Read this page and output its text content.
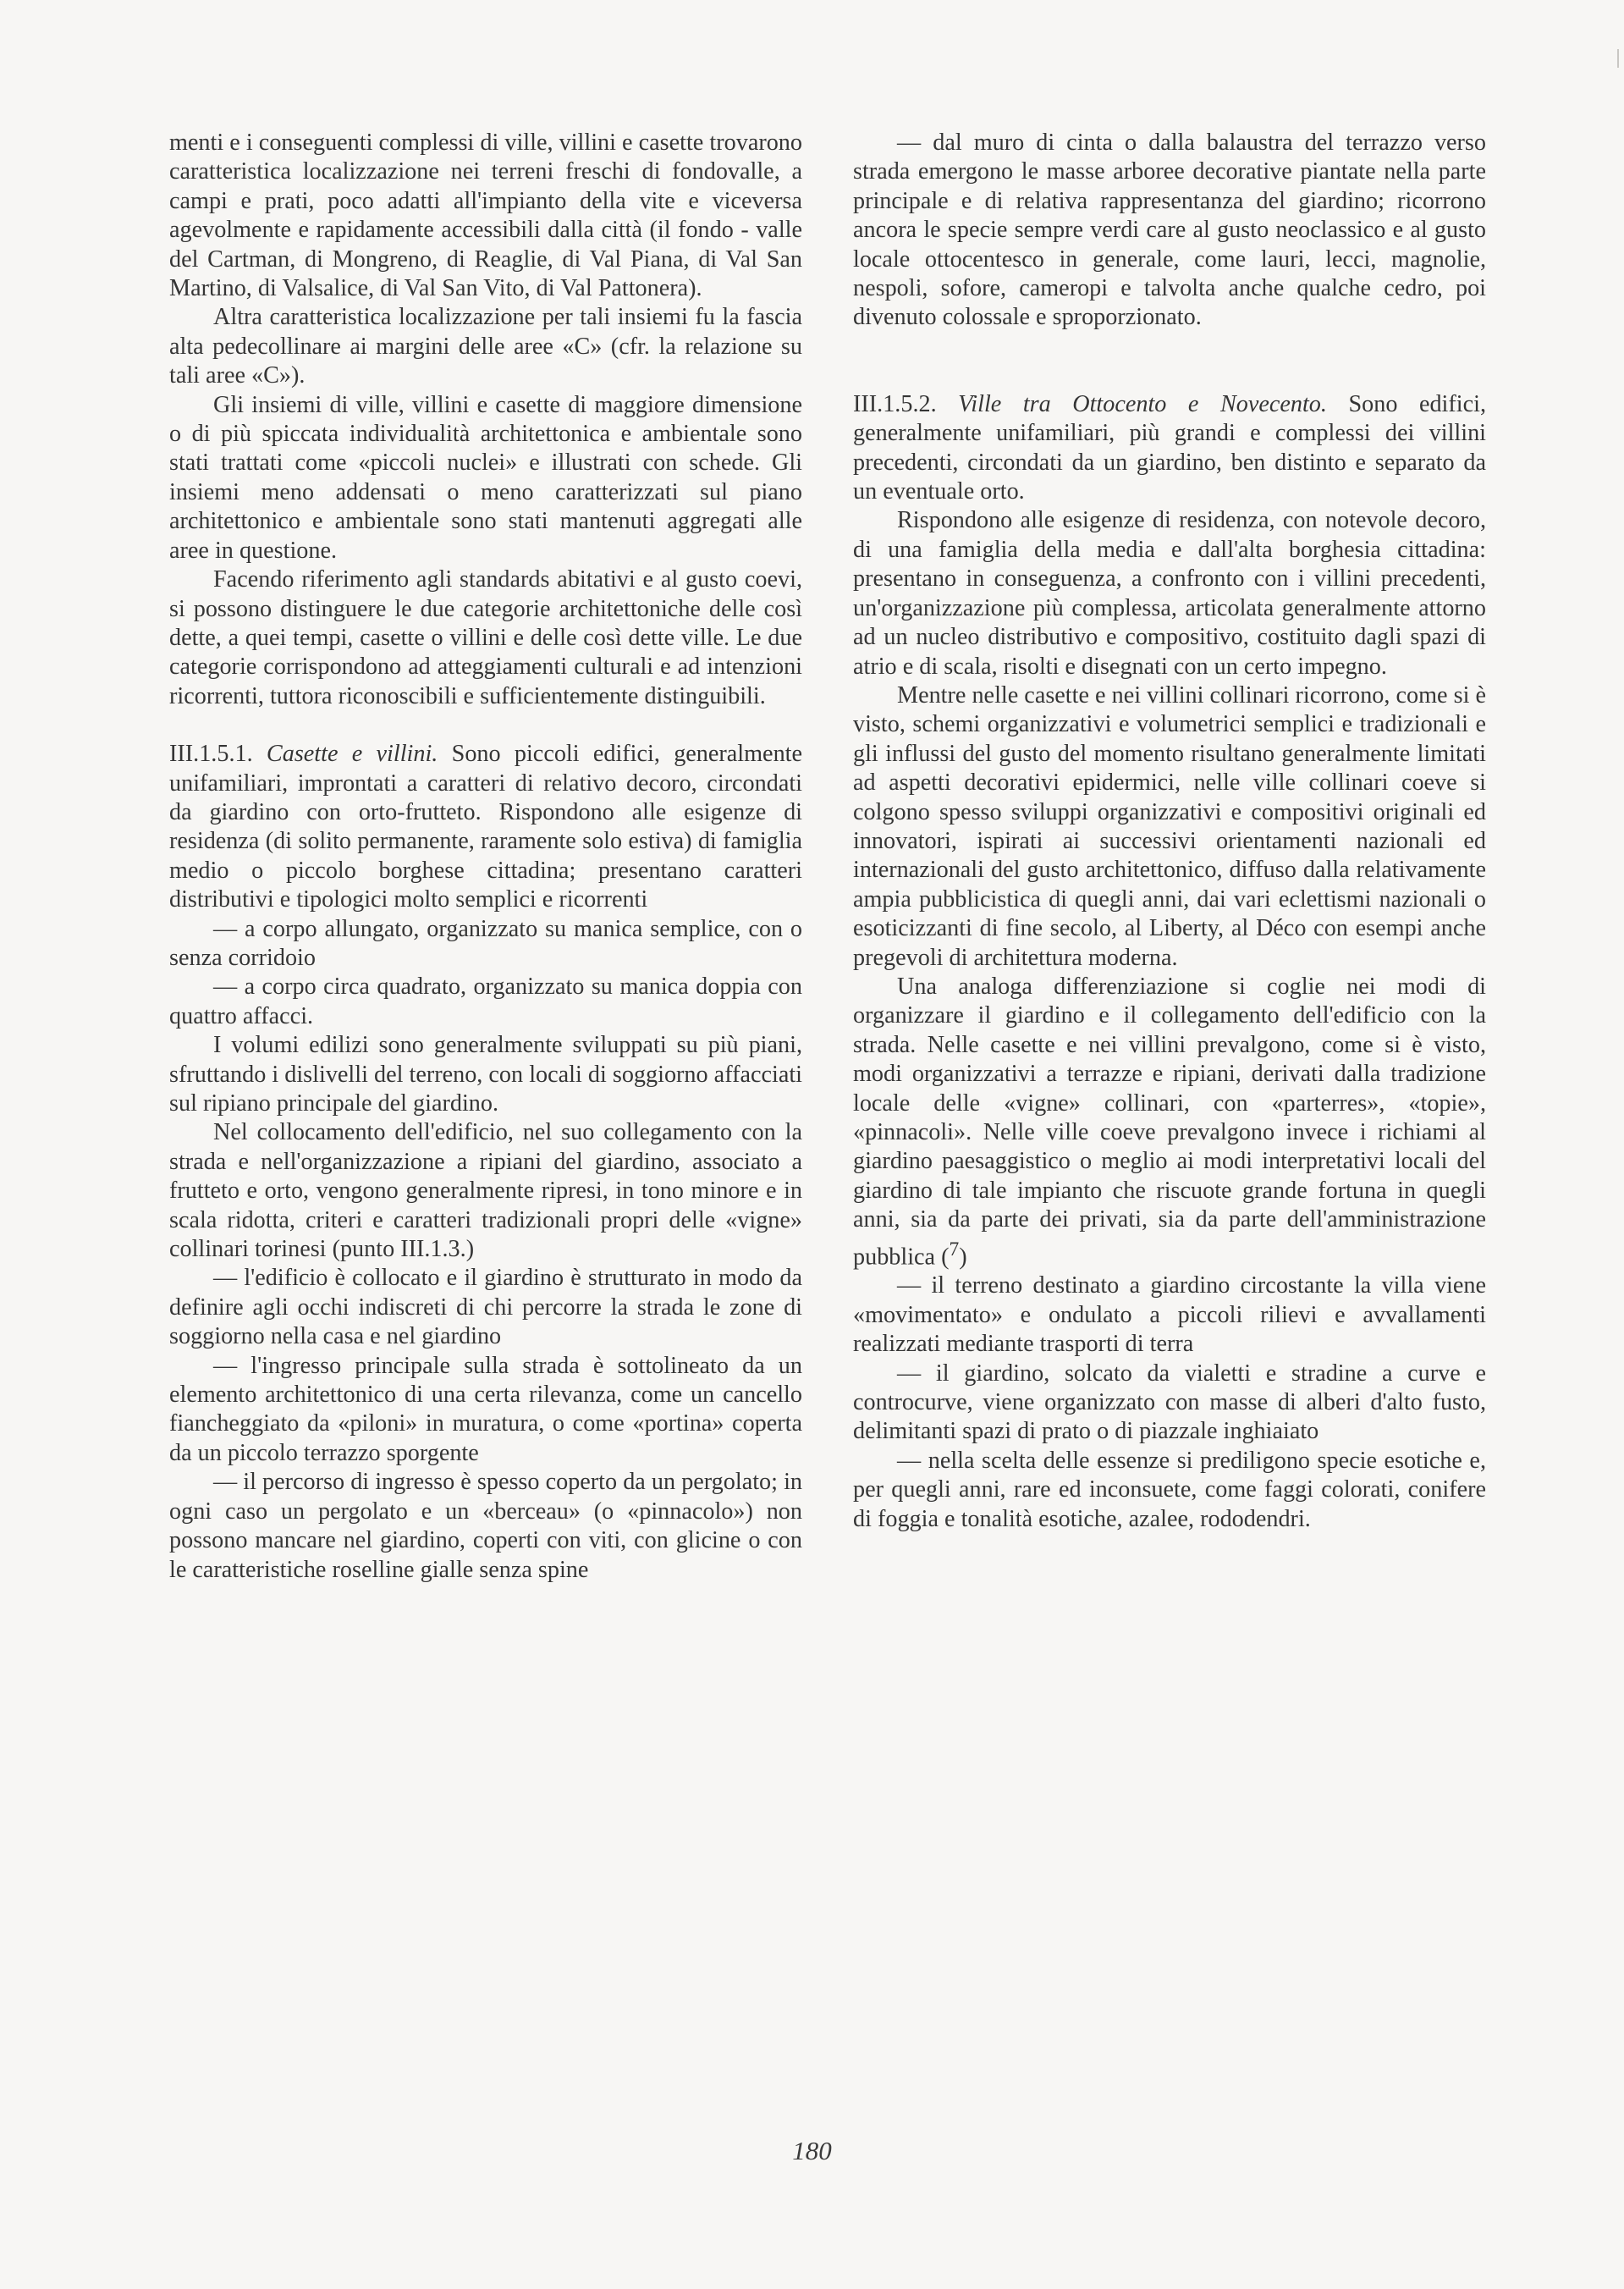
menti e i conseguenti complessi di ville, villini e casette trovarono caratteristica localizzazione nei terreni freschi di fondovalle, a campi e prati, poco adatti all'impianto della vite e viceversa agevolmente e rapidamente accessibili dalla città (il fondo - valle del Cartman, di Mongreno, di Reaglie, di Val Piana, di Val San Martino, di Valsalice, di Val San Vito, di Val Pattonera).

Altra caratteristica localizzazione per tali insiemi fu la fascia alta pedecollinare ai margini delle aree «C» (cfr. la relazione su tali aree «C»).

Gli insiemi di ville, villini e casette di maggiore dimensione o di più spiccata individualità architettonica e ambientale sono stati trattati come «piccoli nuclei» e illustrati con schede. Gli insiemi meno addensati o meno caratterizzati sul piano architettonico e ambientale sono stati mantenuti aggregati alle aree in questione.

Facendo riferimento agli standards abitativi e al gusto coevi, si possono distinguere le due categorie architettoniche delle così dette, a quei tempi, casette o villini e delle così dette ville. Le due categorie corrispondono ad atteggiamenti culturali e ad intenzioni ricorrenti, tuttora riconoscibili e sufficientemente distinguibili.

III.1.5.1. Casette e villini. Sono piccoli edifici, generalmente unifamiliari, improntati a caratteri di relativo decoro, circondati da giardino con orto-frutteto. Rispondono alle esigenze di residenza (di solito permanente, raramente solo estiva) di famiglia medio o piccolo borghese cittadina; presentano caratteri distributivi e tipologici molto semplici e ricorrenti

— a corpo allungato, organizzato su manica semplice, con o senza corridoio

— a corpo circa quadrato, organizzato su manica doppia con quattro affacci.

I volumi edilizi sono generalmente sviluppati su più piani, sfruttando i dislivelli del terreno, con locali di soggiorno affacciati sul ripiano principale del giardino.

Nel collocamento dell'edificio, nel suo collegamento con la strada e nell'organizzazione a ripiani del giardino, associato a frutteto e orto, vengono generalmente ripresi, in tono minore e in scala ridotta, criteri e caratteri tradizionali propri delle «vigne» collinari torinesi (punto III.1.3.)

— l'edificio è collocato e il giardino è strutturato in modo da definire agli occhi indiscreti di chi percorre la strada le zone di soggiorno nella casa e nel giardino

— l'ingresso principale sulla strada è sottolineato da un elemento architettonico di una certa rilevanza, come un cancello fiancheggiato da «piloni» in muratura, o come «portina» coperta da un piccolo terrazzo sporgente

— il percorso di ingresso è spesso coperto da un pergolato; in ogni caso un pergolato e un «berceau» (o «pinnacolo») non possono mancare nel giardino, coperti con viti, con glicine o con le caratteristiche roselline gialle senza spine

— dal muro di cinta o dalla balaustra del terrazzo verso strada emergono le masse arboree decorative piantate nella parte principale e di relativa rappresentanza del giardino; ricorrono ancora le specie sempre verdi care al gusto neoclassico e al gusto locale ottocentesco in generale, come lauri, lecci, magnolie, nespoli, sofore, cameropi e talvolta anche qualche cedro, poi divenuto colossale e sproporzionato.

III.1.5.2. Ville tra Ottocento e Novecento. Sono edifici, generalmente unifamiliari, più grandi e complessi dei villini precedenti, circondati da un giardino, ben distinto e separato da un eventuale orto.

Rispondono alle esigenze di residenza, con notevole decoro, di una famiglia della media e dall'alta borghesia cittadina: presentano in conseguenza, a confronto con i villini precedenti, un'organizzazione più complessa, articolata generalmente attorno ad un nucleo distributivo e compositivo, costituito dagli spazi di atrio e di scala, risolti e disegnati con un certo impegno.

Mentre nelle casette e nei villini collinari ricorrono, come si è visto, schemi organizzativi e volumetrici semplici e tradizionali e gli influssi del gusto del momento risultano generalmente limitati ad aspetti decorativi epidermici, nelle ville collinari coeve si colgono spesso sviluppi organizzativi e compositivi originali ed innovatori, ispirati ai successivi orientamenti nazionali ed internazionali del gusto architettonico, diffuso dalla relativamente ampia pubblicistica di quegli anni, dai vari eclettismi nazionali o esoticizzanti di fine secolo, al Liberty, al Déco con esempi anche pregevoli di architettura moderna.

Una analoga differenziazione si coglie nei modi di organizzare il giardino e il collegamento dell'edificio con la strada. Nelle casette e nei villini prevalgono, come si è visto, modi organizzativi a terrazze e ripiani, derivati dalla tradizione locale delle «vigne» collinari, con «parterres», «topie», «pinnacoli». Nelle ville coeve prevalgono invece i richiami al giardino paesaggistico o meglio ai modi interpretativi locali del giardino di tale impianto che riscuote grande fortuna in quegli anni, sia da parte dei privati, sia da parte dell'amministrazione pubblica ($^7$)

— il terreno destinato a giardino circostante la villa viene «movimentato» e ondulato a piccoli rilievi e avvallamenti realizzati mediante trasporti di terra

— il giardino, solcato da vialetti e stradine a curve e controcurve, viene organizzato con masse di alberi d'alto fusto, delimitanti spazi di prato o di piazzale inghiaiato

— nella scelta delle essenze si prediligono specie esotiche e, per quegli anni, rare ed inconsuete, come faggi colorati, conifere di foggia e tonalità esotiche, azalee, rododendri.

180
